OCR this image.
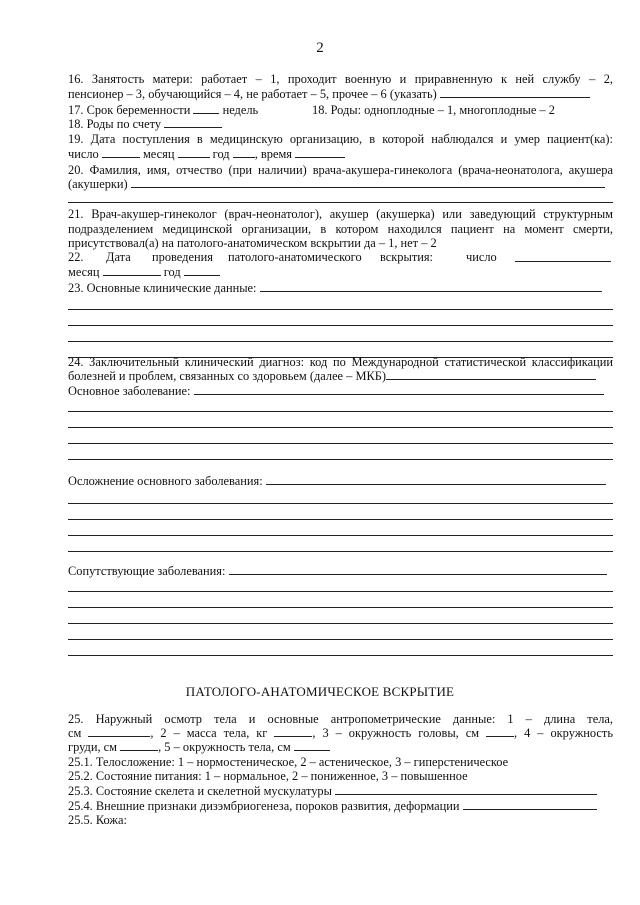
2
16. Занятость матери: работает – 1, проходит военную и приравненную к ней службу – 2,
пенсионер – 3, обучающийся – 4, не работает – 5, прочее – 6 (указать)
17. Срок беременности	недель	18. Роды: одноплодные – 1, многоплодные – 2
18. Роды по счету
19. Дата поступления в медицинскую организацию, в которой наблюдался и умер пациент(ка):
число	месяц	год , время
20. Фамилия, имя, отчество (при наличии) врача-акушера-гинеколога (врача-неонатолога, акушера
(акушерки)
21. Врач-акушер-гинеколог (врач-неонатолог), акушер (акушерка) или заведующий структурным
подразделением медицинской организации, в котором находился пациент на момент смерти,
присутствовал(а) на патолого-анатомическом вскрытии да – 1, нет – 2
22. Дата проведения патолого-анатомического вскрытия:	число
месяц	год
23. Основные клинические данные:
24. Заключительный клинический диагноз: код по Международной статистической классификации
болезней и проблем, связанных со здоровьем (далее – МКБ)
Основное заболевание:
Осложнение основного заболевания:
Сопутствующие заболевания:
ПАТОЛОГО-АНАТОМИЧЕСКОЕ ВСКРЫТИЕ
25. Наружный осмотр тела и основные антропометрические данные: 1 – длина тела,
см	, 2 – масса тела, кг	, 3 – окружность головы, см	, 4 – окружность
груди, см	, 5 – окружность тела, см
25.1. Телосложение: 1 – нормостеническое, 2 – астеническое, 3 – гиперстеническое
25.2. Состояние питания: 1 – нормальное, 2 – пониженное, 3 – повышенное
25.3. Состояние скелета и скелетной мускулатуры
25.4. Внешние признаки дизэмбриогенеза, пороков развития, деформации
25.5. Кожа:
